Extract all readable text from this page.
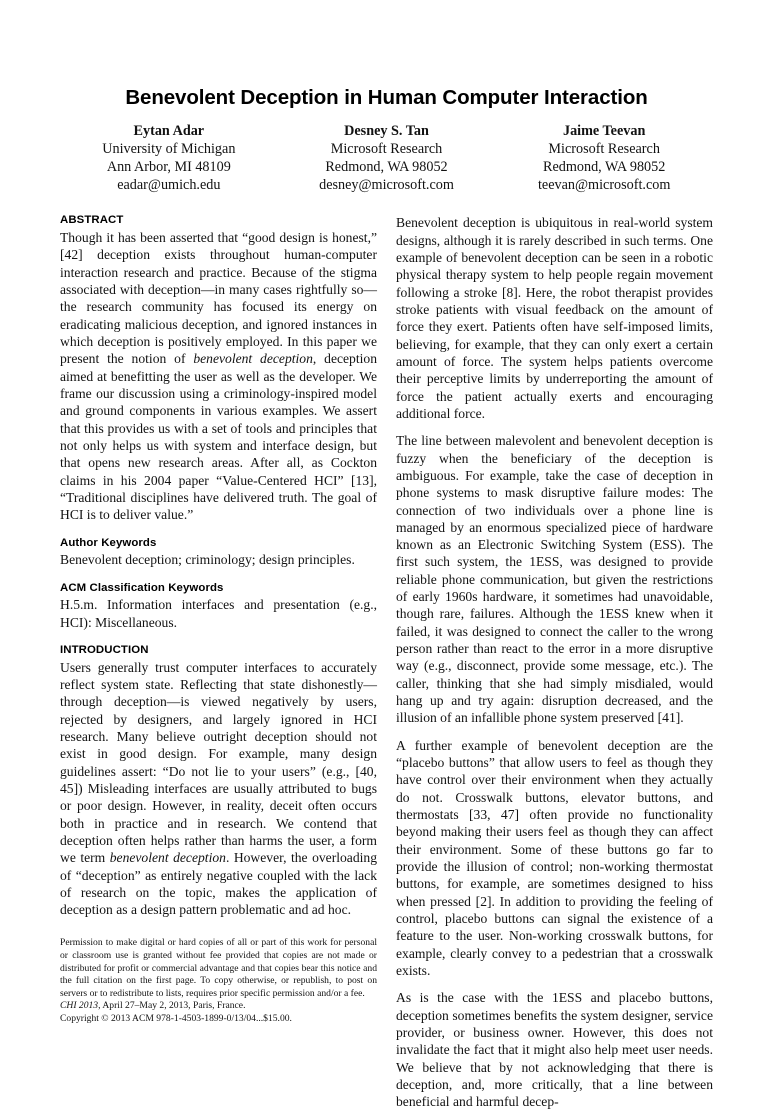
Benevolent Deception in Human Computer Interaction
Eytan Adar
University of Michigan
Ann Arbor, MI 48109
eadar@umich.edu
Desney S. Tan
Microsoft Research
Redmond, WA 98052
desney@microsoft.com
Jaime Teevan
Microsoft Research
Redmond, WA 98052
teevan@microsoft.com
ABSTRACT

Though it has been asserted that “good design is honest,” [42] deception exists throughout human-computer interaction research and practice. Because of the stigma associated with deception—in many cases rightfully so—the research community has focused its energy on eradicating malicious deception, and ignored instances in which deception is positively employed. In this paper we present the notion of benevolent deception, deception aimed at benefitting the user as well as the developer. We frame our discussion using a criminology-inspired model and ground components in various examples. We assert that this provides us with a set of tools and principles that not only helps us with system and interface design, but that opens new research areas. After all, as Cockton claims in his 2004 paper “Value-Centered HCI” [13], “Traditional disciplines have delivered truth. The goal of HCI is to deliver value.”

Author Keywords

Benevolent deception; criminology; design principles.

ACM Classification Keywords

H.5.m. Information interfaces and presentation (e.g., HCI): Miscellaneous.

INTRODUCTION

Users generally trust computer interfaces to accurately reflect system state. Reflecting that state dishonestly—through deception—is viewed negatively by users, rejected by designers, and largely ignored in HCI research. Many believe outright deception should not exist in good design. For example, many design guidelines assert: “Do not lie to your users” (e.g., [40, 45]) Misleading interfaces are usually attributed to bugs or poor design. However, in reality, deceit often occurs both in practice and in research. We contend that deception often helps rather than harms the user, a form we term benevolent deception. However, the overloading of “deception” as entirely negative coupled with the lack of research on the topic, makes the application of deception as a design pattern problematic and ad hoc.

Permission to make digital or hard copies of all or part of this work for personal or classroom use is granted without fee provided that copies are not made or distributed for profit or commercial advantage and that copies bear this notice and the full citation on the first page. To copy otherwise, or republish, to post on servers or to redistribute to lists, requires prior specific permission and/or a fee.

CHI 2013, April 27–May 2, 2013, Paris, France.

Copyright © 2013 ACM 978-1-4503-1899-0/13/04...$15.00.

Benevolent deception is ubiquitous in real-world system designs, although it is rarely described in such terms. One example of benevolent deception can be seen in a robotic physical therapy system to help people regain movement following a stroke [8]. Here, the robot therapist provides stroke patients with visual feedback on the amount of force they exert. Patients often have self-imposed limits, believing, for example, that they can only exert a certain amount of force. The system helps patients overcome their perceptive limits by underreporting the amount of force the patient actually exerts and encouraging additional force.

The line between malevolent and benevolent deception is fuzzy when the beneficiary of the deception is ambiguous. For example, take the case of deception in phone systems to mask disruptive failure modes: The connection of two individuals over a phone line is managed by an enormous specialized piece of hardware known as an Electronic Switching System (ESS). The first such system, the 1ESS, was designed to provide reliable phone communication, but given the restrictions of early 1960s hardware, it sometimes had unavoidable, though rare, failures. Although the 1ESS knew when it failed, it was designed to connect the caller to the wrong person rather than react to the error in a more disruptive way (e.g., disconnect, provide some message, etc.). The caller, thinking that she had simply misdialed, would hang up and try again: disruption decreased, and the illusion of an infallible phone system preserved [41].

A further example of benevolent deception are the “placebo buttons” that allow users to feel as though they have control over their environment when they actually do not. Crosswalk buttons, elevator buttons, and thermostats [33, 47] often provide no functionality beyond making their users feel as though they can affect their environment. Some of these buttons go far to provide the illusion of control; non-working thermostat buttons, for example, are sometimes designed to hiss when pressed [2]. In addition to providing the feeling of control, placebo buttons can signal the existence of a feature to the user. Non-working crosswalk buttons, for example, clearly convey to a pedestrian that a crosswalk exists.

As is the case with the 1ESS and placebo buttons, deception sometimes benefits the system designer, service provider, or business owner. However, this does not invalidate the fact that it might also help meet user needs. We believe that by not acknowledging that there is deception, and, more critically, that a line between beneficial and harmful decep-
